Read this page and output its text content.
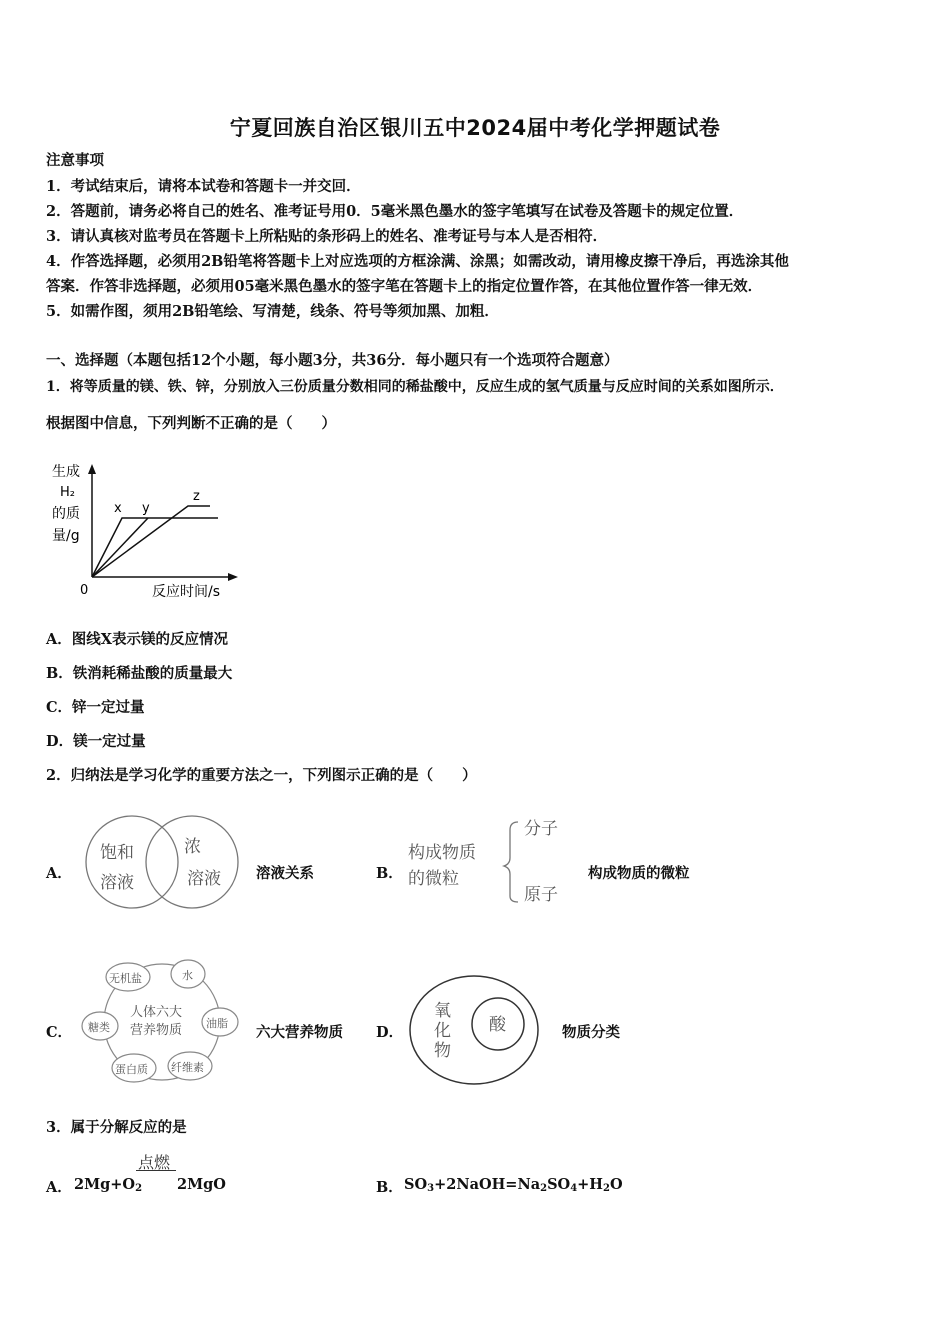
宁夏回族自治区银川五中2024届中考化学押题试卷
注意事项
1．考试结束后，请将本试卷和答题卡一并交回．
2．答题前，请务必将自己的姓名、准考证号用0．5毫米黑色墨水的签字笔填写在试卷及答题卡的规定位置．
3．请认真核对监考员在答题卡上所粘贴的条形码上的姓名、准考证号与本人是否相符．
4．作答选择题，必须用2B铅笔将答题卡上对应选项的方框涂满、涂黑；如需改动，请用橡皮擦干净后，再选涂其他
答案．作答非选择题，必须用05毫米黑色墨水的签字笔在答题卡上的指定位置作答，在其他位置作答一律无效．
5．如需作图，须用2B铅笔绘、写清楚，线条、符号等须加黑、加粗．
一、选择题（本题包括12个小题，每小题3分，共36分．每小题只有一个选项符合题意）
1．将等质量的镁、铁、锌，分别放入三份质量分数相同的稀盐酸中，反应生成的氢气质量与反应时间的关系如图所示．
根据图中信息，下列判断不正确的是（　　）
生成
H₂
的质
量/g
0	反应时间/s
x y
z
A．图线X表示镁的反应情况
B．铁消耗稀盐酸的质量最大
C．锌一定过量
D．镁一定过量
2．归纳法是学习化学的重要方法之一，下列图示正确的是（　　）
A．
饱和
溶液
浓
溶液 溶液关系	B．
构成物质
的微粒
分子
原子
构成物质的微粒
C．
人体六大
营养物质
无机盐	水
油脂
纤维素
蛋白质
糖类	六大营养物质 D．
氧
化
物
酸	物质分类
3．属于分解反应的是
A． $2Mg+O_2$
点燃
2MgO	B． $SO_3+2NaOH=Na_2SO_4+H_2O$
